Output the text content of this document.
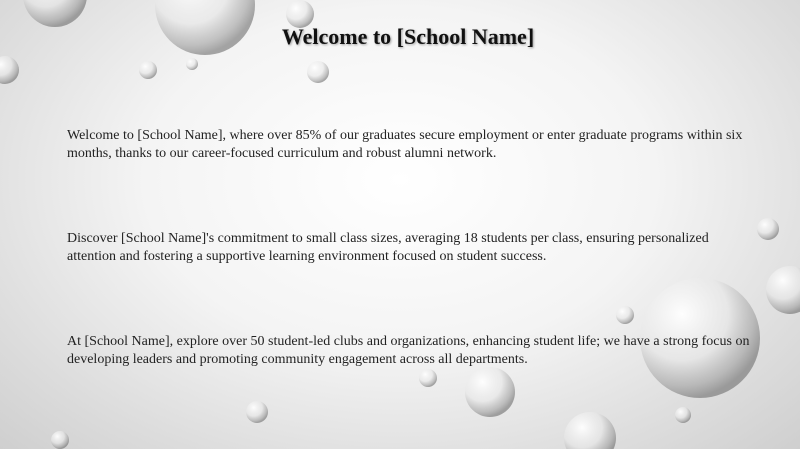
Welcome to [School Name]
Welcome to [School Name], where over 85% of our graduates secure employment or enter graduate programs within six months, thanks to our career-focused curriculum and robust alumni network.
Discover [School Name]'s commitment to small class sizes, averaging 18 students per class, ensuring personalized attention and fostering a supportive learning environment focused on student success.
At [School Name], explore over 50 student-led clubs and organizations, enhancing student life; we have a strong focus on developing leaders and promoting community engagement across all departments.
